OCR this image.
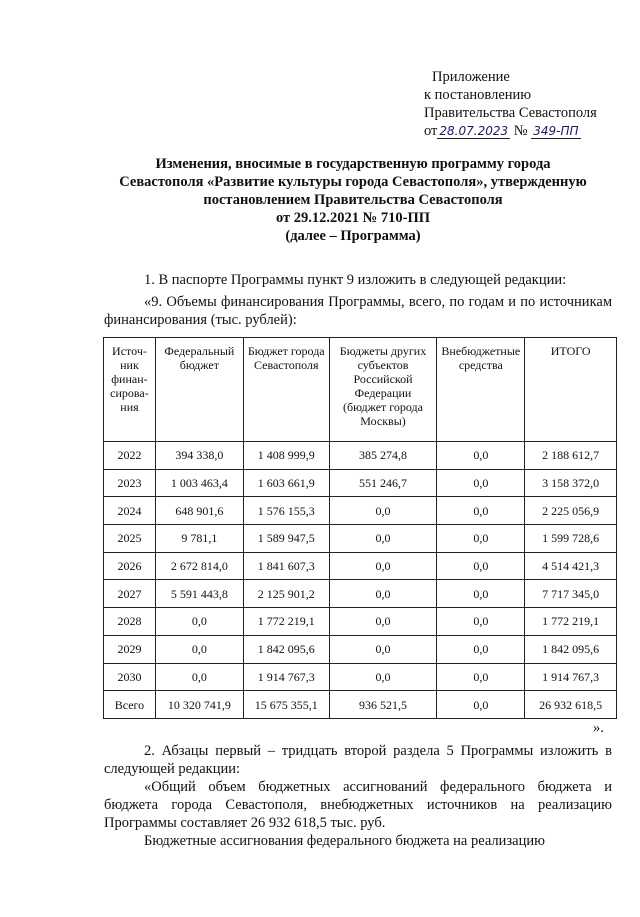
Приложение
к постановлению
Правительства Севастополя
от 28.07.2023 № 349-ПП
Изменения, вносимые в государственную программу города
Севастополя «Развитие культуры города Севастополя», утвержденную
постановлением Правительства Севастополя
от 29.12.2021 № 710-ПП
(далее – Программа)
1. В паспорте Программы пункт 9 изложить в следующей редакции:
«9. Объемы финансирования Программы, всего, по годам и по источникам финансирования (тыс. рублей):
Источ-ник финан-сирова-ния	Федеральный бюджет	Бюджет города Севастополя	Бюджеты других субъектов Российской Федерации (бюджет города Москвы)	Внебюджетные средства	ИТОГО
2022	394 338,0	1 408 999,9	385 274,8	0,0	2 188 612,7
2023	1 003 463,4	1 603 661,9	551 246,7	0,0	3 158 372,0
2024	648 901,6	1 576 155,3	0,0	0,0	2 225 056,9
2025	9 781,1	1 589 947,5	0,0	0,0	1 599 728,6
2026	2 672 814,0	1 841 607,3	0,0	0,0	4 514 421,3
2027	5 591 443,8	2 125 901,2	0,0	0,0	7 717 345,0
2028	0,0	1 772 219,1	0,0	0,0	1 772 219,1
2029	0,0	1 842 095,6	0,0	0,0	1 842 095,6
2030	0,0	1 914 767,3	0,0	0,0	1 914 767,3
Всего	10 320 741,9	15 675 355,1	936 521,5	0,0	26 932 618,5
».
2. Абзацы первый – тридцать второй раздела 5 Программы изложить в следующей редакции:
«Общий объем бюджетных ассигнований федерального бюджета и бюджета города Севастополя, внебюджетных источников на реализацию Программы составляет 26 932 618,5 тыс. руб.
Бюджетные ассигнования федерального бюджета на реализацию
